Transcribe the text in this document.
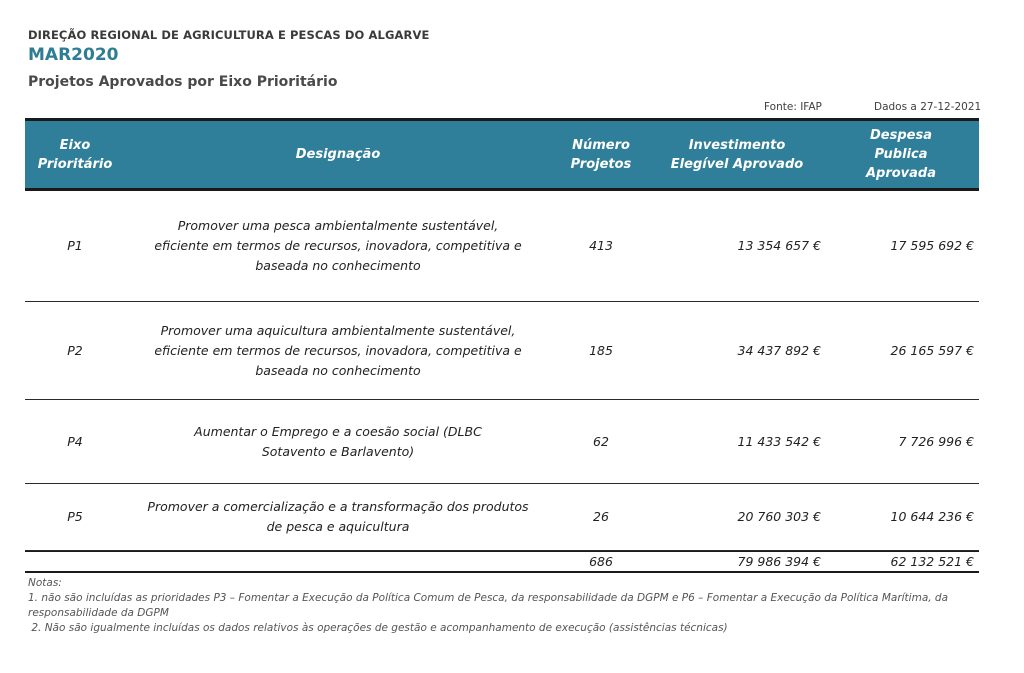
DIREÇÃO REGIONAL DE AGRICULTURA E PESCAS DO ALGARVE
MAR2020
Projetos Aprovados por Eixo Prioritário
Fonte: IFAP	Dados a 27-12-2021
Eixo Prioritário
Designação
Número Projetos
Investimento Elegível Aprovado
Despesa Publica Aprovada
P1
Promover uma pesca ambientalmente sustentável, eficiente em termos de recursos, inovadora, competitiva e baseada no conhecimento
413	13 354 657 €	17 595 692 €
P2
Promover uma aquicultura ambientalmente sustentável, eficiente em termos de recursos, inovadora, competitiva e baseada no conhecimento
185	34 437 892 €	26 165 597 €
P4
Aumentar o Emprego e a coesão social (DLBC Sotavento e Barlavento)
62	11 433 542 €	7 726 996 €
P5
Promover a comercialização e a transformação dos produtos de pesca e aquicultura
26	20 760 303 €	10 644 236 €
686	79 986 394 €	62 132 521 €
Notas:
1. não são incluídas as prioridades P3 – Fomentar a Execução da Política Comum de Pesca, da responsabilidade da DGPM e P6 – Fomentar a Execução da Política Marítima, da responsabilidade da DGPM
2. Não são igualmente incluídas os dados relativos às operações de gestão e acompanhamento de execução (assistências técnicas)
